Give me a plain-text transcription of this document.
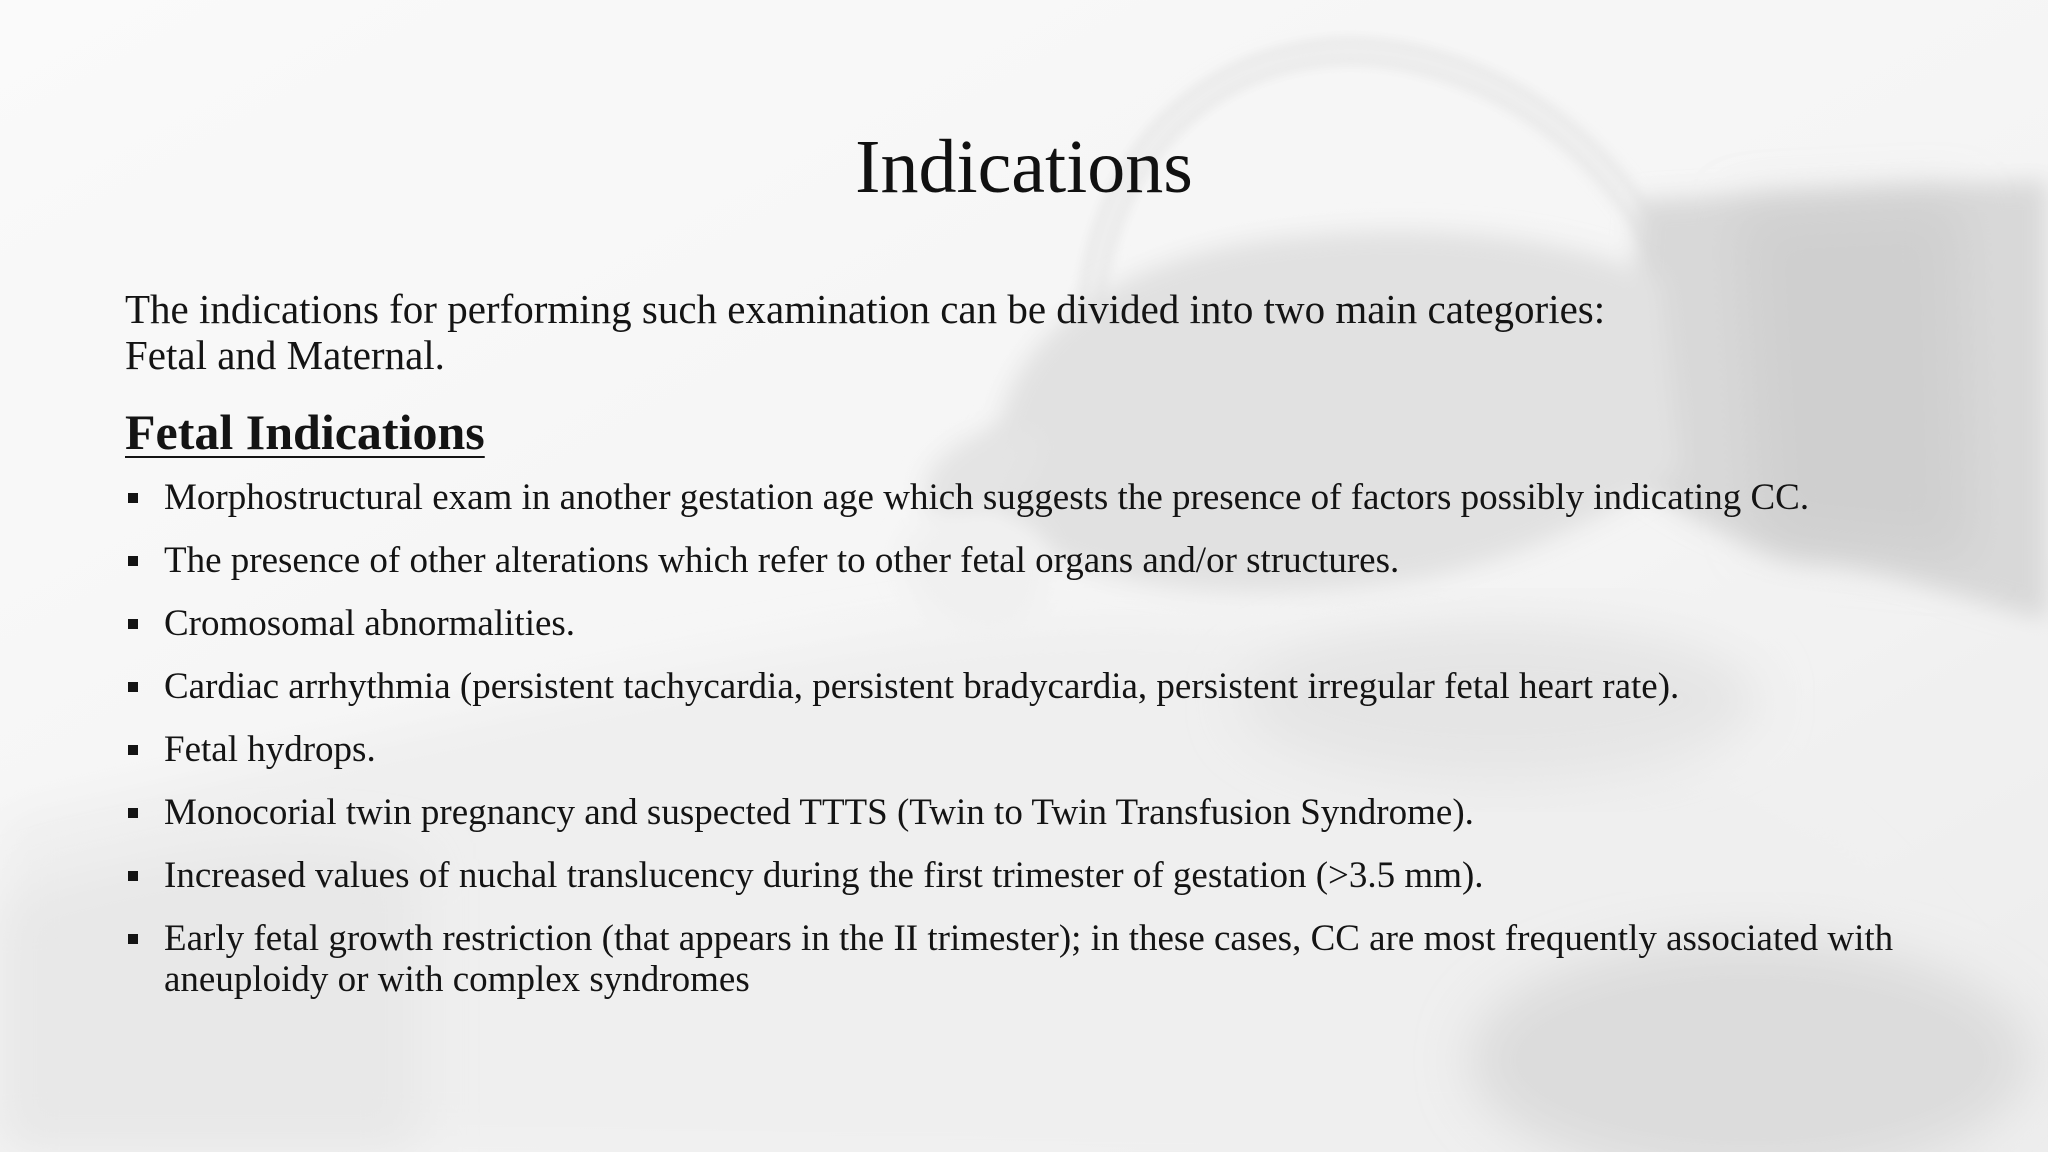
Indications

The indications for performing such examination can be divided into two main categories:
Fetal and Maternal.

Fetal Indications
Morphostructural exam in another gestation age which suggests the presence of factors possibly indicating CC.
The presence of other alterations which refer to other fetal organs and/or structures.
Cromosomal abnormalities.
Cardiac arrhythmia (persistent tachycardia, persistent bradycardia, persistent irregular fetal heart rate).
Fetal hydrops.
Monocorial twin pregnancy and suspected TTTS (Twin to Twin Transfusion Syndrome).
Increased values of nuchal translucency during the first trimester of gestation (>3.5 mm).
Early fetal growth restriction (that appears in the II trimester); in these cases, CC are most frequently associated with aneuploidy or with complex syndromes
